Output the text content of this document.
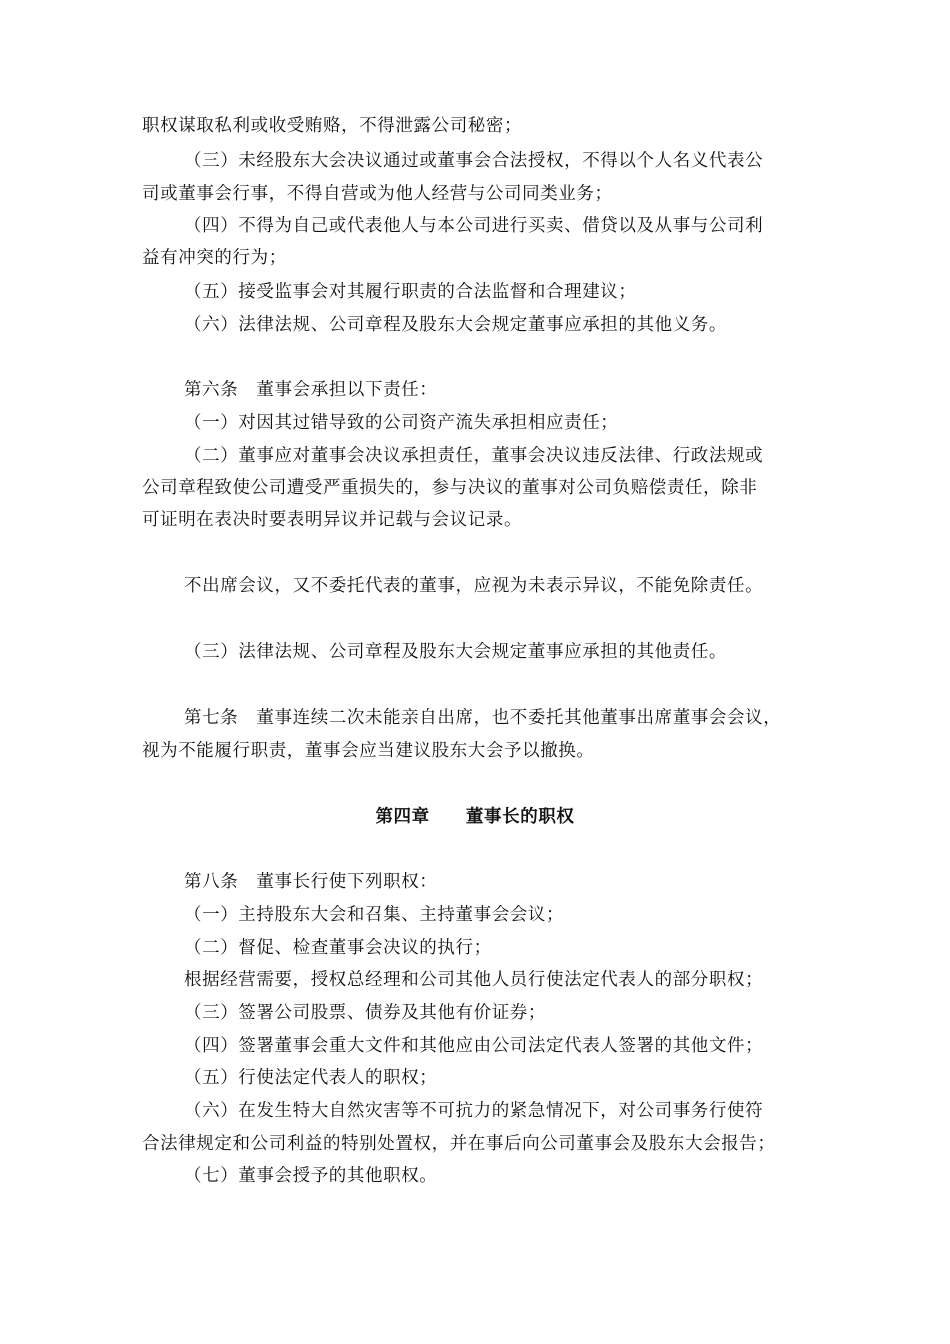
职权谋取私利或收受贿赂，不得泄露公司秘密；
（三）未经股东大会决议通过或董事会合法授权，不得以个人名义代表公
司或董事会行事，不得自营或为他人经营与公司同类业务；
（四）不得为自己或代表他人与本公司进行买卖、借贷以及从事与公司利
益有冲突的行为；
（五）接受监事会对其履行职责的合法监督和合理建议；
（六）法律法规、公司章程及股东大会规定董事应承担的其他义务。
第六条　董事会承担以下责任：
（一）对因其过错导致的公司资产流失承担相应责任；
（二）董事应对董事会决议承担责任，董事会决议违反法律、行政法规或
公司章程致使公司遭受严重损失的，参与决议的董事对公司负赔偿责任，除非
可证明在表决时要表明异议并记载与会议记录。
不出席会议，又不委托代表的董事，应视为未表示异议，不能免除责任。
（三）法律法规、公司章程及股东大会规定董事应承担的其他责任。
第七条　董事连续二次未能亲自出席，也不委托其他董事出席董事会会议，
视为不能履行职责，董事会应当建议股东大会予以撤换。
第四章　　董事长的职权
第八条　董事长行使下列职权：
（一）主持股东大会和召集、主持董事会会议；
（二）督促、检查董事会决议的执行；
根据经营需要，授权总经理和公司其他人员行使法定代表人的部分职权；
（三）签署公司股票、债券及其他有价证券；
（四）签署董事会重大文件和其他应由公司法定代表人签署的其他文件；
（五）行使法定代表人的职权；
（六）在发生特大自然灾害等不可抗力的紧急情况下，对公司事务行使符
合法律规定和公司利益的特别处置权，并在事后向公司董事会及股东大会报告；
（七）董事会授予的其他职权。
